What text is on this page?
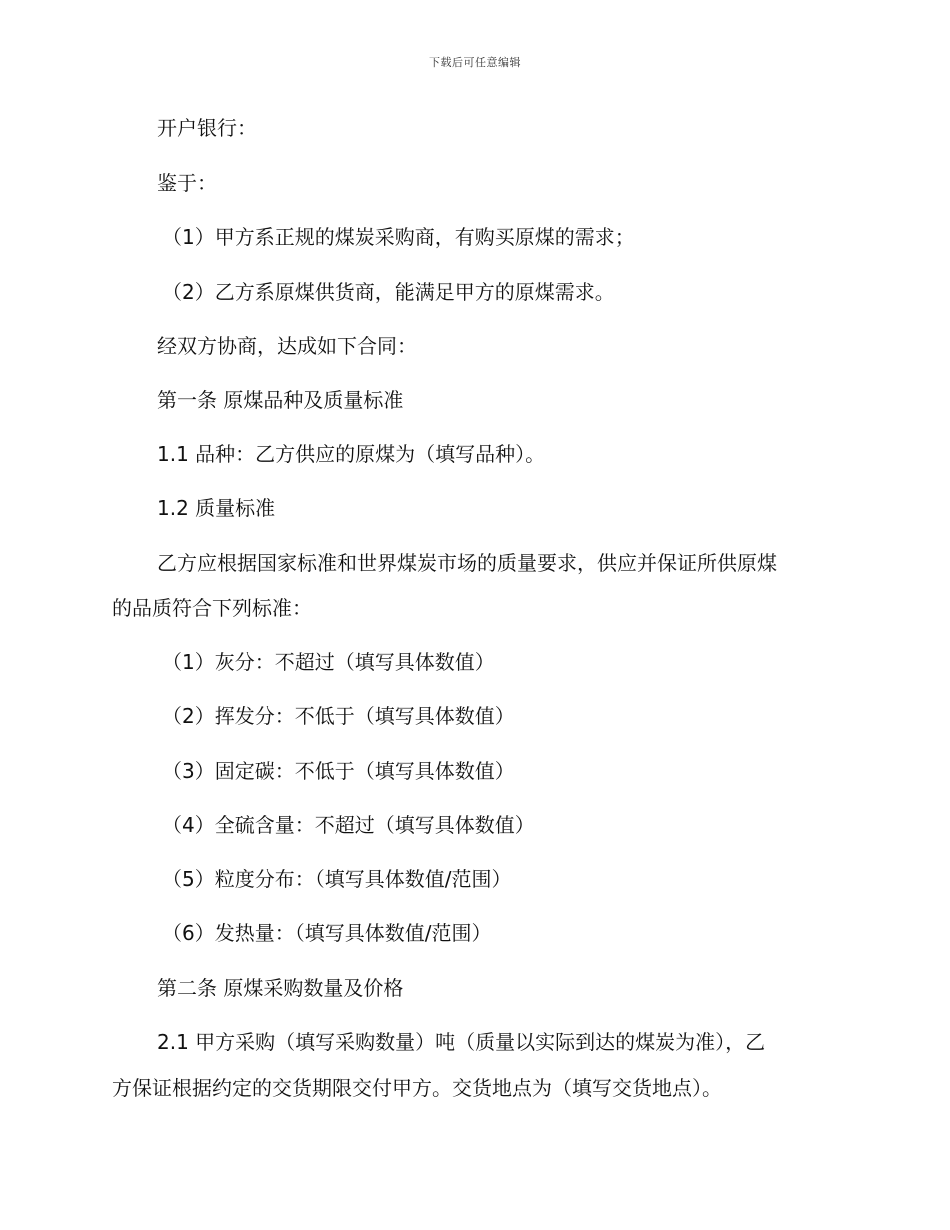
下载后可任意编辑
开户银行：
鉴于：
（1）甲方系正规的煤炭采购商，有购买原煤的需求；
（2）乙方系原煤供货商，能满足甲方的原煤需求。
经双方协商，达成如下合同：
第一条 原煤品种及质量标准
1.1 品种：乙方供应的原煤为（填写品种）。
1.2 质量标准
乙方应根据国家标准和世界煤炭市场的质量要求，供应并保证所供原煤
的品质符合下列标准：
（1）灰分：不超过（填写具体数值）
（2）挥发分：不低于（填写具体数值）
（3）固定碳：不低于（填写具体数值）
（4）全硫含量：不超过（填写具体数值）
（5）粒度分布：（填写具体数值/范围）
（6）发热量：（填写具体数值/范围）
第二条 原煤采购数量及价格
2.1 甲方采购（填写采购数量）吨（质量以实际到达的煤炭为准），乙
方保证根据约定的交货期限交付甲方。交货地点为（填写交货地点）。
